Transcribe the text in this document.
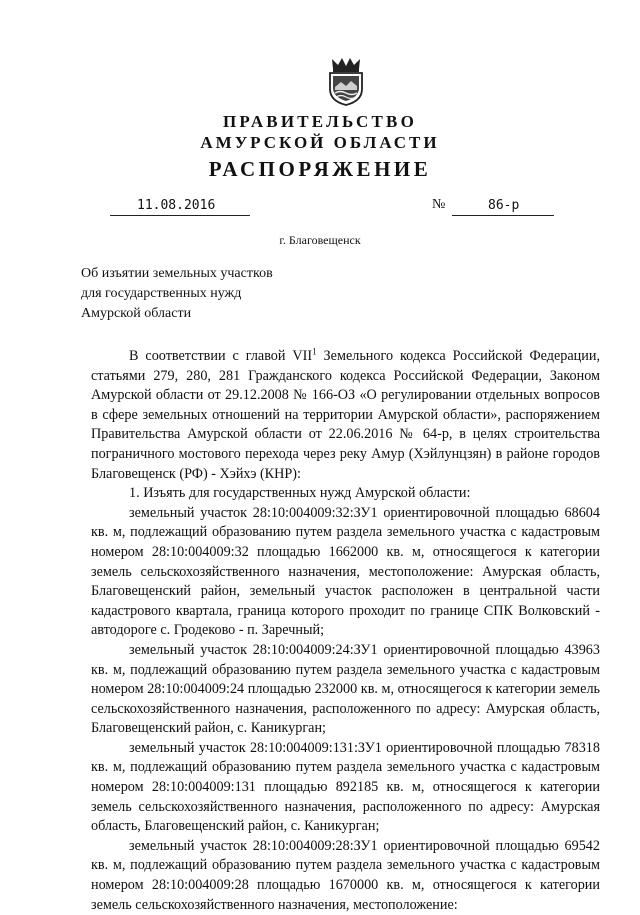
ПРАВИТЕЛЬСТВО
АМУРСКОЙ ОБЛАСТИ
РАСПОРЯЖЕНИЕ
11.08.2016	№	86-р
г. Благовещенск
Об изъятии земельных участков
для государственных нужд
Амурской области

В соответствии с главой VII$^1$ Земельного кодекса Российской Федерации, статьями 279, 280, 281 Гражданского кодекса Российской Федерации, Законом Амурской области от 29.12.2008 № 166-ОЗ «О регулировании отдельных вопросов в сфере земельных отношений на территории Амурской области», распоряжением Правительства Амурской области от 22.06.2016 № 64-р, в целях строительства пограничного мостового перехода через реку Амур (Хэйлунцзян) в районе городов Благовещенск (РФ) - Хэйхэ (КНР):

1. Изъять для государственных нужд Амурской области:

земельный участок 28:10:004009:32:ЗУ1 ориентировочной площадью 68604 кв. м, подлежащий образованию путем раздела земельного участка с кадастровым номером 28:10:004009:32 площадью 1662000 кв. м, относящегося к категории земель сельскохозяйственного назначения, местоположение: Амурская область, Благовещенский район, земельный участок расположен в центральной части кадастрового квартала, граница которого проходит по границе СПК Волковский - автодороге с. Гродеково - п. Заречный;

земельный участок 28:10:004009:24:ЗУ1 ориентировочной площадью 43963 кв. м, подлежащий образованию путем раздела земельного участка с кадастровым номером 28:10:004009:24 площадью 232000 кв. м, относящегося к категории земель сельскохозяйственного назначения, расположенного по адресу: Амурская область, Благовещенский район, с. Каникурган;

земельный участок 28:10:004009:131:ЗУ1 ориентировочной площадью 78318 кв. м, подлежащий образованию путем раздела земельного участка с кадастровым номером 28:10:004009:131 площадью 892185 кв. м, относящегося к категории земель сельскохозяйственного назначения, расположенного по адресу: Амурская область, Благовещенский район, с. Каникурган;

земельный участок 28:10:004009:28:ЗУ1 ориентировочной площадью 69542 кв. м, подлежащий образованию путем раздела земельного участка с кадастровым номером 28:10:004009:28 площадью 1670000 кв. м, относящегося к категории земель сельскохозяйственного назначения, местоположение:
